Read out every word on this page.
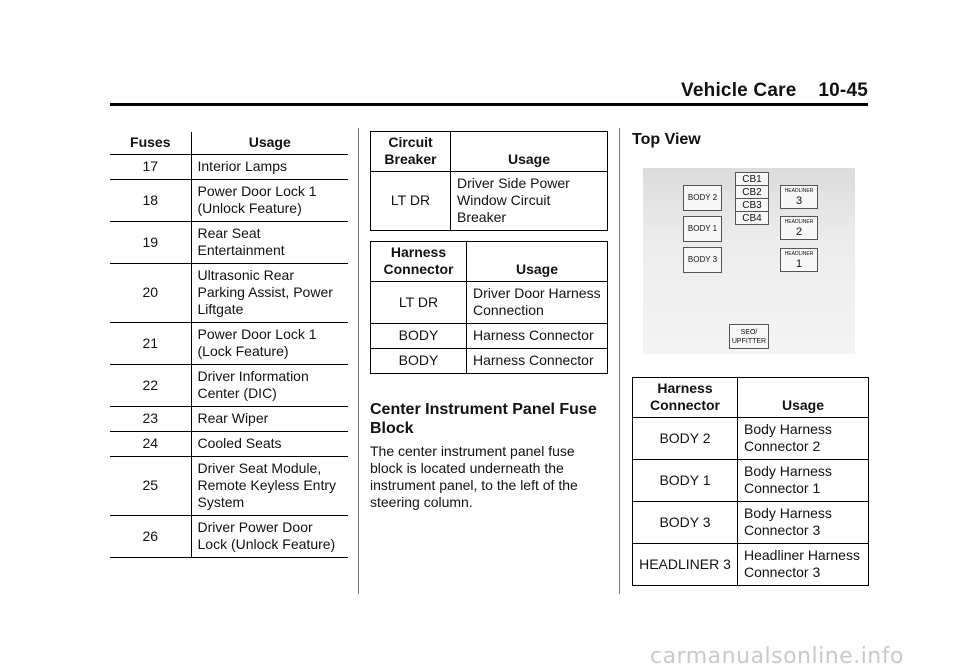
Vehicle Care 10-45
Fuses	Usage
17	Interior Lamps
18	Power Door Lock 1 (Unlock Feature)
19	Rear Seat Entertainment
20	Ultrasonic Rear Parking Assist, Power Liftgate
21	Power Door Lock 1 (Lock Feature)
22	Driver Information Center (DIC)
23	Rear Wiper
24	Cooled Seats
25	Driver Seat Module, Remote Keyless Entry System
26	Driver Power Door Lock (Unlock Feature)
Circuit Breaker	Usage
LT DR	Driver Side Power Window Circuit Breaker
Harness Connector	Usage
LT DR	Driver Door Harness Connection
BODY	Harness Connector
BODY	Harness Connector
Center Instrument Panel Fuse Block
The center instrument panel fuse block is located underneath the instrument panel, to the left of the steering column.
Top View
BODY 2
BODY 1
BODY 3
CB1
CB2
CB3
CB4
HEADLINER
3
HEADLINER
2
HEADLINER
1
SEO/ UPFITTER
Harness Connector	Usage
BODY 2	Body Harness Connector 2
BODY 1	Body Harness Connector 1
BODY 3	Body Harness Connector 3
HEADLINER 3	Headliner Harness Connector 3
carmanualsonline.info
